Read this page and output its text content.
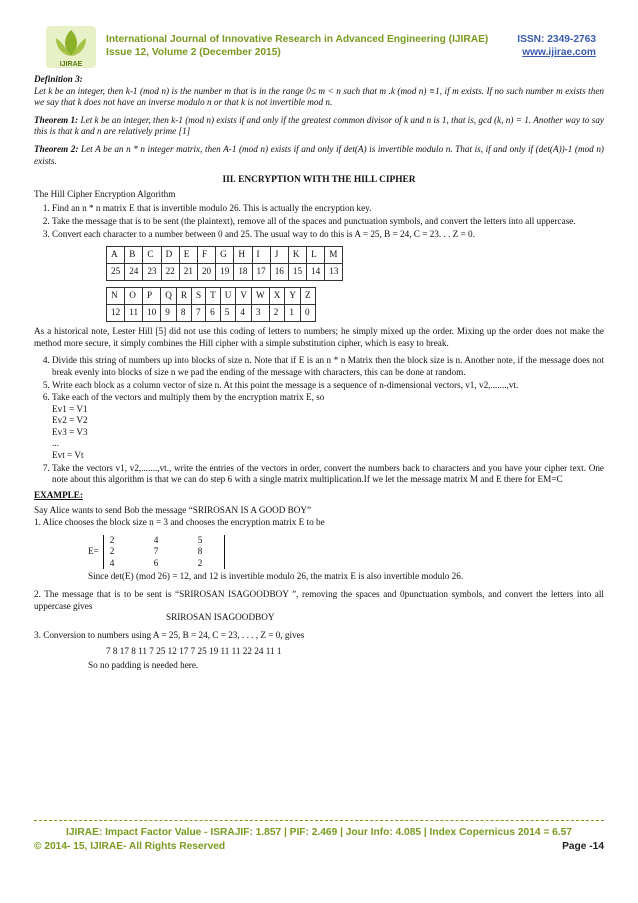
IJIRAE
International Journal of Innovative Research in Advanced Engineering (IJIRAE)	ISSN: 2349-2763
Issue 12, Volume 2 (December 2015)	www.ijirae.com

Definition 3:
Let k be an integer, then k-1 (mod n) is the number m that is in the range 0≤ m < n such that m .k (mod n) ≡1, if m exists. If no such number m exists then we say that k does not have an inverse modulo n or that k is not invertible mod n.

Theorem 1: Let k be an integer, then k-1 (mod n) exists if and only if the greatest common divisor of k and n is 1, that is, gcd (k, n) = 1. Another way to say this is that k and n are relatively prime [1]

Theorem 2: Let A be an n * n integer matrix, then A-1 (mod n) exists if and only if det(A) is invertible modulo n. That is, if and only if (det(A))-1 (mod n) exists.

III. ENCRYPTION WITH THE HILL CIPHER
The Hill Cipher Encryption Algorithm
1. Find an n * n matrix E that is invertible modulo 26. This is actually the encryption key.
2. Take the message that is to be sent (the plaintext), remove all of the spaces and punctuation symbols, and convert the letters into all uppercase.
3. Convert each character to a number between 0 and 25. The usual way to do this is A = 25, B = 24, C = 23. . . Z = 0.
A	B	C	D	E	F	G	H	I	J	K	L	M
25	24	23	22	21	20	19	18	17	16	15	14	13
N	O	P	Q	R	S	T	U	V	W	X	Y	Z
12	11	10	9	8	7	6	5	4	3	2	1	0

As a historical note, Lester Hill [5] did not use this coding of letters to numbers; he simply mixed up the order. Mixing up the order does not make the method more secure, it simply combines the Hill cipher with a simple substitution cipher, which is easy to break.

4. Divide this string of numbers up into blocks of size n. Note that if E is an n * n Matrix then the block size is n. Another note, if the message does not break evenly into blocks of size n we pad the ending of the message with characters, this can be done at random.
5. Write each block as a column vector of size n. At this point the message is a sequence of n-dimensional vectors, v1, v2,.......,vt.
6. Take each of the vectors and multiply them by the encryption matrix E, so
Ev1 = V1
Ev2 = V2
Ev3 = V3
...
Evt = Vt
7. Take the vectors v1, v2,.......,vt., write the entries of the vectors in order, convert the numbers back to characters and you have your cipher text. One note about this algorithm is that we can do step 6 with a single matrix multiplication.If we let the message matrix M and E there for EM=C
EXAMPLE:
Say Alice wants to send Bob the message “SRIROSAN IS A GOOD BOY”
1. Alice chooses the block size n = 3 and chooses the encryption matrix E to be
E=
2	4	5
2	7	8
4	6	2
Since det(E) (mod 26) = 12, and 12 is invertible modulo 26, the matrix E is also invertible modulo 26.
2. The message that is to be sent is “SRIROSAN ISAGOODBOY ”, removing the spaces and 0punctuation symbols, and convert the letters into all uppercase gives
SRIROSAN ISAGOODBOY
3. Conversion to numbers using A = 25, B = 24, C = 23, . . . , Z = 0, gives
7 8 17 8 11 7 25 12 17 7 25 19 11 11 22 24 11 1
So no padding is needed here.
IJIRAE: Impact Factor Value - ISRAJIF: 1.857 | PIF: 2.469 | Jour Info: 4.085 | Index Copernicus 2014 = 6.57
© 2014- 15, IJIRAE- All Rights Reserved	Page -14
